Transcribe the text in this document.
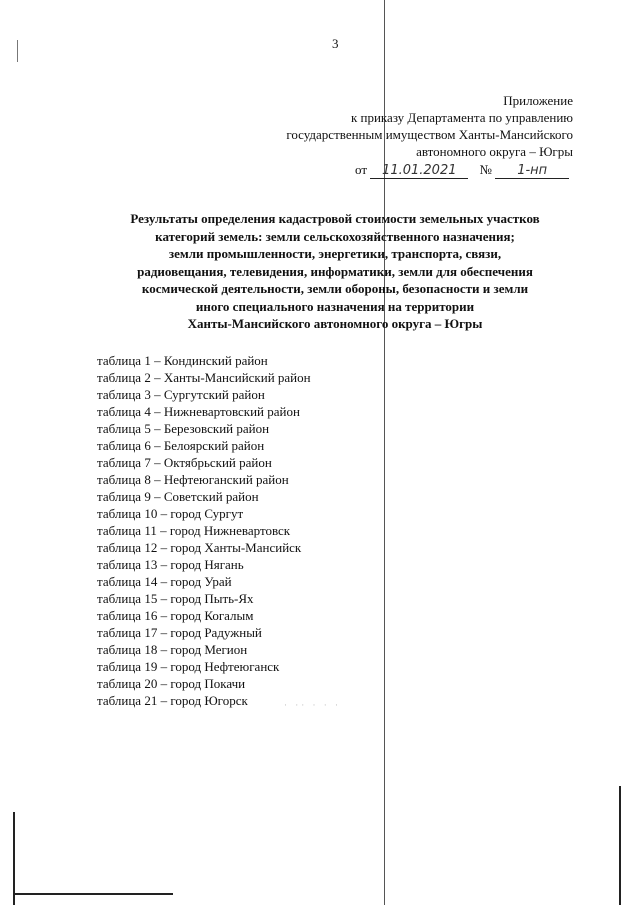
3
Приложение
к приказу Департамента по управлению
государственным имуществом Ханты-Мансийского
автономного округа – Югры
от 11.01.2021 № 1-нп
Результаты определения кадастровой стоимости земельных участков
категорий земель: земли сельскохозяйственного назначения;
земли промышленности, энергетики, транспорта, связи,
радиовещания, телевидения, информатики, земли для обеспечения
космической деятельности, земли обороны, безопасности и земли
иного специального назначения на территории
Ханты-Мансийского автономного округа – Югры
таблица 1 – Кондинский район
таблица 2 – Ханты-Мансийский район
таблица 3 – Сургутский район
таблица 4 – Нижневартовский район
таблица 5 – Березовский район
таблица 6 – Белоярский район
таблица 7 – Октябрьский район
таблица 8 – Нефтеюганский район
таблица 9 – Советский район
таблица 10 – город Сургут
таблица 11 – город Нижневартовск
таблица 12 – город Ханты-Мансийск
таблица 13 – город Нягань
таблица 14 – город Урай
таблица 15 – город Пыть-Ях
таблица 16 – город Когалым
таблица 17 – город Радужный
таблица 18 – город Мегион
таблица 19 – город Нефтеюганск
таблица 20 – город Покачи
таблица 21 – город Югорск	· ·· · · ·
